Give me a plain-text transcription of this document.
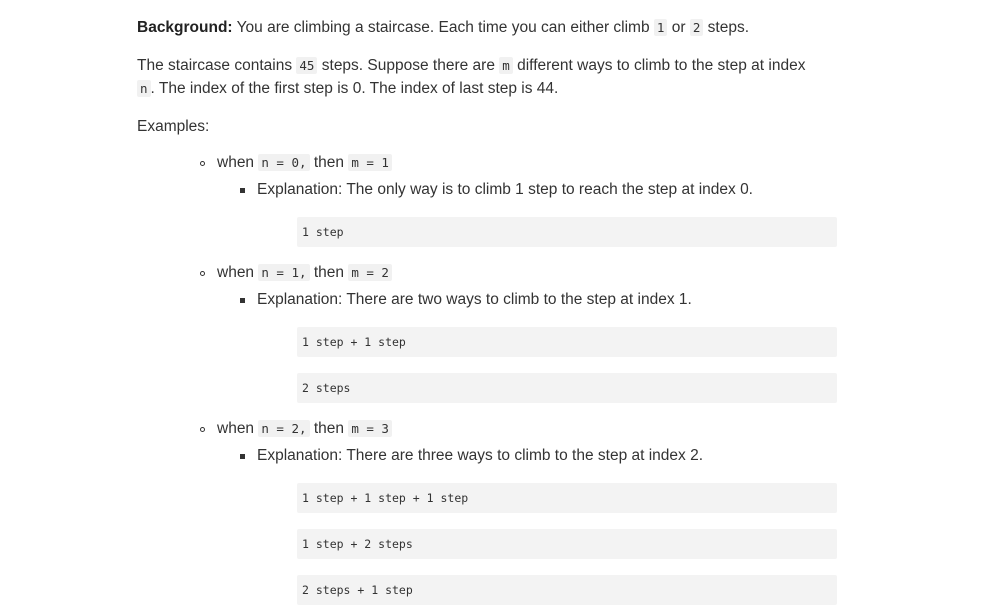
Background: You are climbing a staircase. Each time you can either climb 1 or 2 steps.
The staircase contains 45 steps. Suppose there are m different ways to climb to the step at index
n . The index of the first step is 0. The index of last step is 44.
Examples:
when n = 0, then m = 1
Explanation: The only way is to climb 1 step to reach the step at index 0.
1 step
when n = 1, then m = 2
Explanation: There are two ways to climb to the step at index 1.
1 step + 1 step
2 steps
when n = 2, then m = 3
Explanation: There are three ways to climb to the step at index 2.
1 step + 1 step + 1 step
1 step + 2 steps
2 steps + 1 step
